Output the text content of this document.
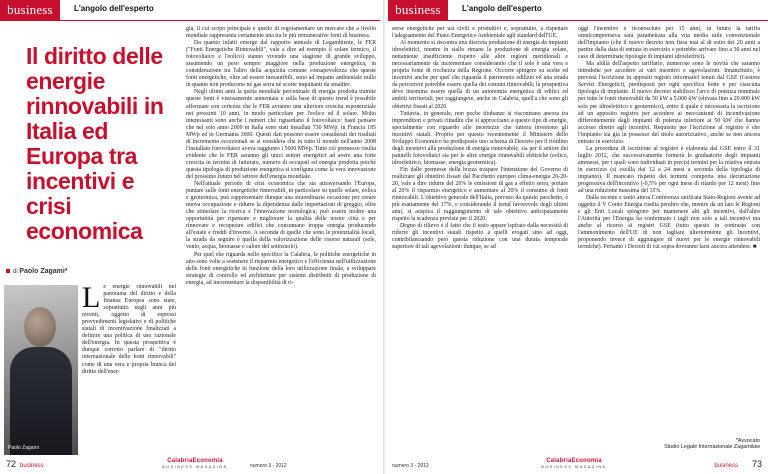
business	L'angolo dell'esperto
Il diritto delle energie rinnovabili in Italia ed Europa tra incentivi e crisi economica
di Paolo Zagami*
Paolo Zagami

Le energie rinnovabili nel panorama del diritto e della finanza Europea sono state, soprattutto negli anni più recenti, oggetto di espressi provvedimenti legislativi e di politiche statali di incentivazione finalizzati a definire una politica di uso razionale dell'energia. In questa prospettiva è dunque corretto parlare di "diritto internazionale delle fonti rinnovabili" come di una vera e propria branca del diritto dell'ener-

gia, il cui scopo principale è quello di regolamentare un mercato che a livello mondiale rappresenta certamente una tra le più remunerative fonti di business.

Da quanto infatti emerge dal rapporto annuale di Legambiente, le FER ("Fonti Energetiche Rinnovabili", vale a dire ad esempio il solare termico, il fotovoltaico e l'eolico) stanno vivendo una stagione di grande sviluppo, assumendo un peso sempre maggiore nella produzione energetica, in considerazione tra l'altro della acquisita comune consapevolezza che queste fonti energetiche, oltre ad essere inesauribili, sono ad impatto ambientale nullo in quanto non producono né gas serra né scorie inquinanti da smaltire.

Negli ultimi anni la quota mondiale percentuale di energia prodotta tramite queste fonti è vistosamente aumentata e sulla base di questo trend è possibile affermare con certezza che le FER avranno una ulteriore crescita esponenziale nei prossimi 10 anni, in modo particolare per l'eolico ed il solare. Molto interessanti sono anche i numeri che riguardano il fotovoltaico: basti pensare che nel solo anno 2009 in Italia sono stati installati 730 MWp, in Francia 185 MWp ed in Germania 3000. Questi dati possono essere considerati dei risultati di incremento eccezionali se si considera che in tutto il mondo nell'anno 2008 l'installato fotovoltaico aveva raggiunto i 5600 MWp. Tutto ciò premesso risulta evidente che le FER saranno gli unici settori energetici ad avere una forte crescita in termini di fatturato, numero di occupati ed energia prodotta poiché questa tipologia di produzione energetica si configura come la vera innovazione del prossimo futuro nel settore dell'energia mondiale.

Nell'attuale periodo di crisi economica che sta attraversando l'Europa, puntare sulle fonti energetiche rinnovabili, in particolare su quelle solare, eolica e geotermica, può rappresentare dunque una straordinaria occasione per creare nuova occupazione e ridurre la dipendenza dalle importazioni di greggio, oltre che stimolare la ricerca e l'innovazione tecnologica; può essere inoltre una opportunità per ripensare e migliorare la qualità delle nostre città e per rinnovare e recuperare edifici che consumano troppa energia producendo all'estate e freddi d'inverno. A seconda di quelle che sono le potenzialità locali, la strada da seguire è quella della valorizzazione delle risorse naturali (sole, vento, acqua, biomasse e calore del sottosuolo).

Per quel che riguarda nello specifico la Calabria, le politiche energetiche in atto sono volte a sostenere il risparmio energetico e l'efficienza nell'utilizzazione delle fonti energetiche in funzione della loro utilizzazione finale, a sviluppare strategie di controllo ed architetture per sistemi distribuiti di produzione di energia, ad incrementare la disponibilità di ri-

72 business
CalabriaEconomia
BUSINESS MAGAZINE	numero 3 - 2012
business	L'angolo dell'esperto

sorse energetiche per usi civili e produttivi e, soprattutto, a rispettare l'adeguamento del Piano Energetico Ambientale agli standard dell'UE.

Al momento si riscontra una discreta produzione di energia da impianti idroelettrici, mentre in stallo rimane la produzione di energia solare, nettamente insufficiente rispetto alle altre regioni meridionali e necessariamente da incrementare considerando che il sole è una vera e propria fonte di ricchezza della Regione. Occorre spingere su scelte ed incentivi anche per quel che riguarda il patrimonio edilizio ed una strada da percorrere potrebbe essere quella dei comuni rinnovabili; la prospettiva deve insomma essere quella di un autonomia energetica di edifici ed ambiti territoriali, per raggiungere, anche in Calabria, quell'a che sono gli obiettivi fissati al 2020.

Tuttavia, in generale, non poche titubanze si riscontrano ancora tra imprenditori e privati cittadini che si approcciano a questo tipo di energie, specialmente con riguardo alle incertezze che tuttora investono gli incentivi statali. Proprio per questo recentemente il Ministero dello Sviluppo Economico ha predisposto uno schema di Decreto per il riordino degli incentivi alla produzione di energia rinnovabile, sia per il settore dei pannelli fotovoltaici sia per le altre energie rinnovabili elettriche (eolico, idroelettrico, biomasse, energia geotermica).

Fin dalle premesse della bozza traspare l'intenzione del Governo di realizzare gli obiettivi fissati dal Pacchetto europeo clima-energia 20-20-20, vale a dire ridurre del 20% le emissioni di gas a effetto serra, portare al 20% il risparmio energetico e aumentare al 20% il consumo di fonti rinnovabili. L'obiettivo generale dell'Italia, previsto da questo pacchetto, è più esattamente del 17%, e considerando il trend favorevole degli ultimi anni, si auspica il raggiungimento di tale obiettivo anticipatamente rispetto la scadenza prevista per il 2020.

Degno di rilievo è il fatto che il testo appare ispirato dalla necessità di ridurre gli incentivi statali rispetto a quelli erogati sino ad oggi, contribilanciando però questa riduzione con una durata temporale superiore di tali agevolazioni: dunque, se ad

oggi l'incentivo è riconosciuto per 15 anni, in futuro la tariffa omnicomprensiva sarà parametrata alla vita media utile convenzionale dell'impianto (che il nuovo decreto non fissa mai al di sotto dei 20 anni a partire dalla data di entrata in esercizio e potrebbe arrivare fino a 30 anni nel caso di determinate tipologie di impianti idroelettrici).

Ma aldilà dell'aspetto tariffario, numerose sono le novità che saranno introdotte per accedere ai vari incentivi e agevolazioni. Innanzitutto, è prevista l'iscrizione in appositi registri informatici tenuti dal GSE (Gestore Servizi Energetici), predisposti per ogni specifica fonte e per ciascuna tipologia di impianto. Il nuovo decreto stabilisce l'arco di potenza nominale per tutte le fonti rinnovabili da 50 kW a 5.000 kW (elevata fino a 20.000 kW solo per idroelettrico e geotermico), entro il quale è necessaria la iscrizione ad un apposito registro per accedere ai meccanismi di incentivazione differentemente dagli impianti di potenza inferiore ai 50 kW che hanno accesso diretto agli incentivi. Requisito per l'iscrizione al registro è che l'impianto sia già in possesso del titolo autorizzativo, anche se non ancora entrato in esercizio.

La procedura di iscrizione al registro è elaborata dal GSE entro il 31 luglio 2012, che successivamente formerà le graduatorie degli impianti ammessi, per i quali sono individuati in precisi termini per la relativa entrata in esercizio (si oscilla dai 12 a 24 mesi a seconda della tipologia di impianto). Il mancato rispetto dei termini comporta una decurtazione progressiva dell'incentivo (-0,5% per ogni mese di ritardo per 12 mesi) fino ad una riduzione massima del 15%.

Dalla recente e tanto attesa Conferenza unificata Stato-Regioni avente ad oggetto il V Conto Energia risulta peraltro che, mentre da un lato le Regioni e gli Enti Locali spingono per mantenere alti gli incentivi, dall'altro l'Autorità per l'Energia ha confermato i tagli non solo a tali incentivi ma anche al ricorso ai registri GSE (tutto questo in contrasto con l'ammonimento dell'UE di non tagliare ulteriormente gli incentivi, proponendo invece di aggiungere di nuovi per le energie rinnovabili termiche). Pertanto i Decreti di cui sopra dovranno farsi ancora attendere. ■

*Avvocato
Studio Legale Internazionale Zagamilaw
numero 3 - 2012
CalabriaEconomia
BUSINESS MAGAZINE	business 73
